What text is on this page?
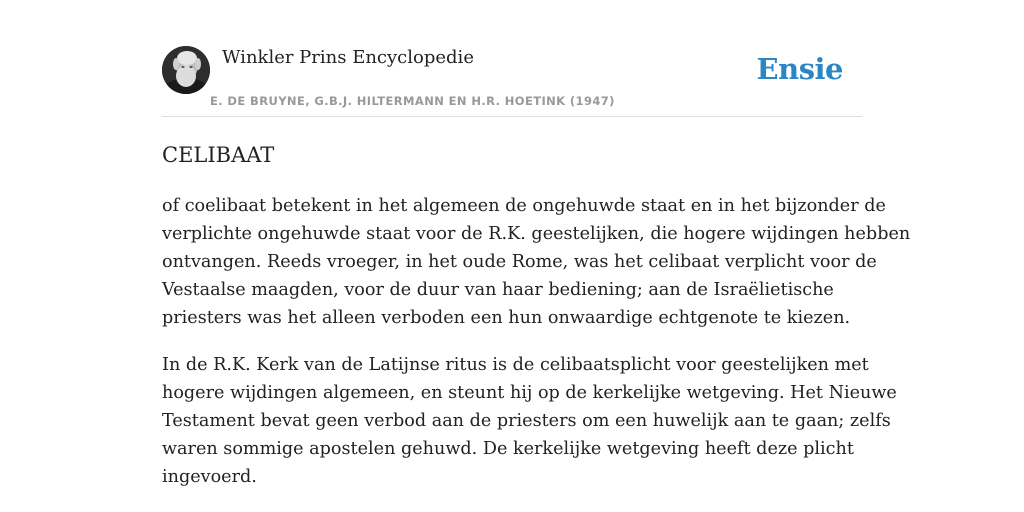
Winkler Prins Encyclopedie
E. DE BRUYNE, G.B.J. HILTERMANN EN H.R. HOETINK (1947)
Ensie
CELIBAAT

of coelibaat betekent in het algemeen de ongehuwde staat en in het bijzonder de
verplichte ongehuwde staat voor de R.K. geestelijken, die hogere wijdingen hebben
ontvangen. Reeds vroeger, in het oude Rome, was het celibaat verplicht voor de
Vestaalse maagden, voor de duur van haar bediening; aan de Israëlietische
priesters was het alleen verboden een hun onwaardige echtgenote te kiezen.

In de R.K. Kerk van de Latijnse ritus is de celibaatsplicht voor geestelijken met
hogere wijdingen algemeen, en steunt hij op de kerkelijke wetgeving. Het Nieuwe
Testament bevat geen verbod aan de priesters om een huwelijk aan te gaan; zelfs
waren sommige apostelen gehuwd. De kerkelijke wetgeving heeft deze plicht
ingevoerd.
